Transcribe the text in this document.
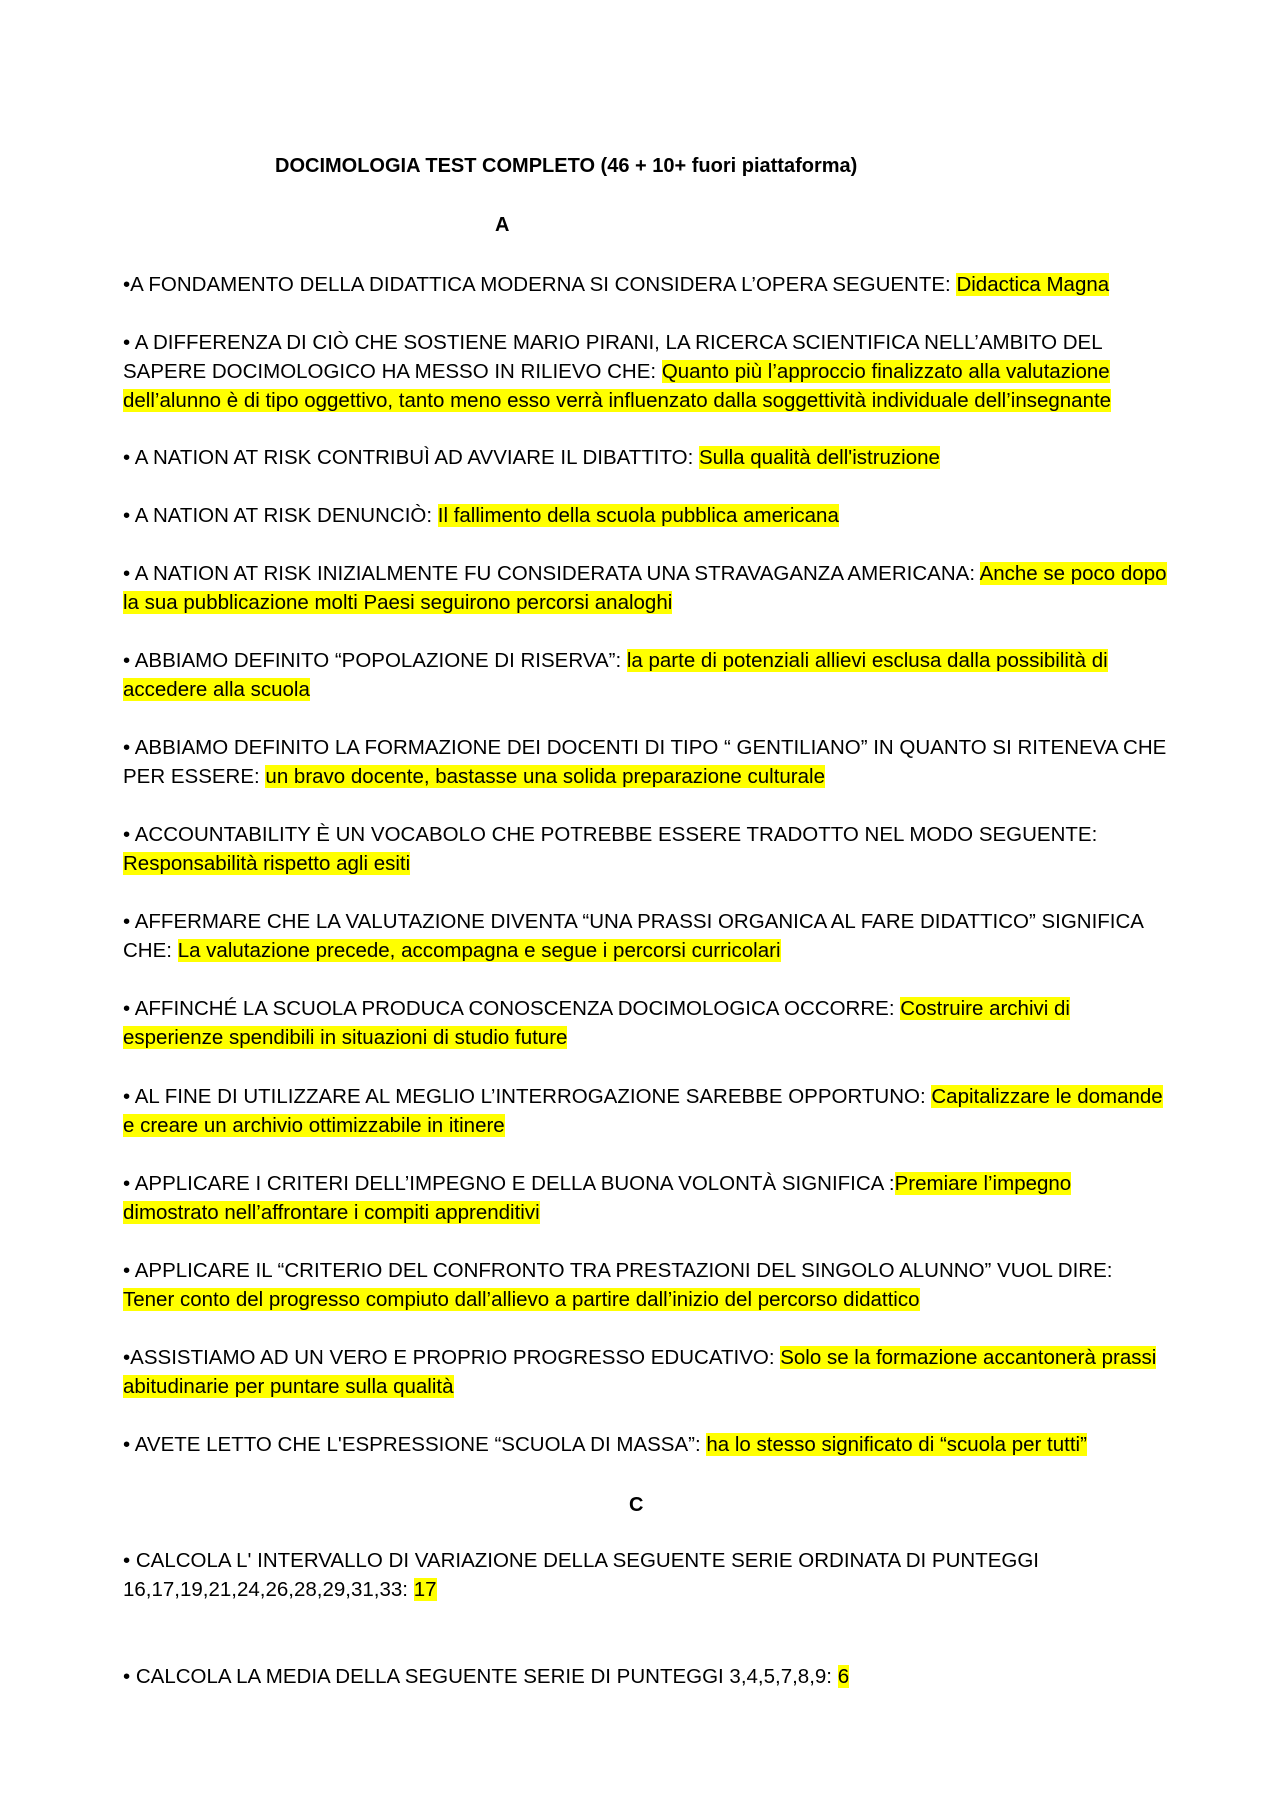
DOCIMOLOGIA TEST COMPLETO (46 + 10+ fuori piattaforma)
A
•A FONDAMENTO DELLA DIDATTICA MODERNA SI CONSIDERA L’OPERA SEGUENTE: Didactica Magna
• A DIFFERENZA DI CIÒ CHE SOSTIENE MARIO PIRANI, LA RICERCA SCIENTIFICA NELL’AMBITO DEL SAPERE DOCIMOLOGICO HA MESSO IN RILIEVO CHE: Quanto più l’approccio finalizzato alla valutazione dell’alunno è di tipo oggettivo, tanto meno esso verrà influenzato dalla soggettività individuale dell’insegnante
• A NATION AT RISK CONTRIBUÌ AD AVVIARE IL DIBATTITO: Sulla qualità dell'istruzione
• A NATION AT RISK DENUNCIÒ: Il fallimento della scuola pubblica americana
• A NATION AT RISK INIZIALMENTE FU CONSIDERATA UNA STRAVAGANZA AMERICANA: Anche se poco dopo la sua pubblicazione molti Paesi seguirono percorsi analoghi
• ABBIAMO DEFINITO “POPOLAZIONE DI RISERVA”: la parte di potenziali allievi esclusa dalla possibilità di accedere alla scuola
• ABBIAMO DEFINITO LA FORMAZIONE DEI DOCENTI DI TIPO “ GENTILIANO” IN QUANTO SI RITENEVA CHE PER ESSERE: un bravo docente, bastasse una solida preparazione culturale
• ACCOUNTABILITY È UN VOCABOLO CHE POTREBBE ESSERE TRADOTTO NEL MODO SEGUENTE: Responsabilità rispetto agli esiti
• AFFERMARE CHE LA VALUTAZIONE DIVENTA “UNA PRASSI ORGANICA AL FARE DIDATTICO” SIGNIFICA CHE: La valutazione precede, accompagna e segue i percorsi curricolari
• AFFINCHÉ LA SCUOLA PRODUCA CONOSCENZA DOCIMOLOGICA OCCORRE: Costruire archivi di esperienze spendibili in situazioni di studio future
• AL FINE DI UTILIZZARE AL MEGLIO L’INTERROGAZIONE SAREBBE OPPORTUNO: Capitalizzare le domande e creare un archivio ottimizzabile in itinere
• APPLICARE I CRITERI DELL’IMPEGNO E DELLA BUONA VOLONTÀ SIGNIFICA :Premiare l’impegno dimostrato nell’affrontare i compiti apprenditivi
• APPLICARE IL “CRITERIO DEL CONFRONTO TRA PRESTAZIONI DEL SINGOLO ALUNNO” VUOL DIRE: Tener conto del progresso compiuto dall’allievo a partire dall’inizio del percorso didattico
•ASSISTIAMO AD UN VERO E PROPRIO PROGRESSO EDUCATIVO: Solo se la formazione accantonerà prassi abitudinarie per puntare sulla qualità
• AVETE LETTO CHE L'ESPRESSIONE “SCUOLA DI MASSA”: ha lo stesso significato di “scuola per tutti”
C
• CALCOLA L' INTERVALLO DI VARIAZIONE DELLA SEGUENTE SERIE ORDINATA DI PUNTEGGI 16,17,19,21,24,26,28,29,31,33: 17
• CALCOLA LA MEDIA DELLA SEGUENTE SERIE DI PUNTEGGI 3,4,5,7,8,9: 6
